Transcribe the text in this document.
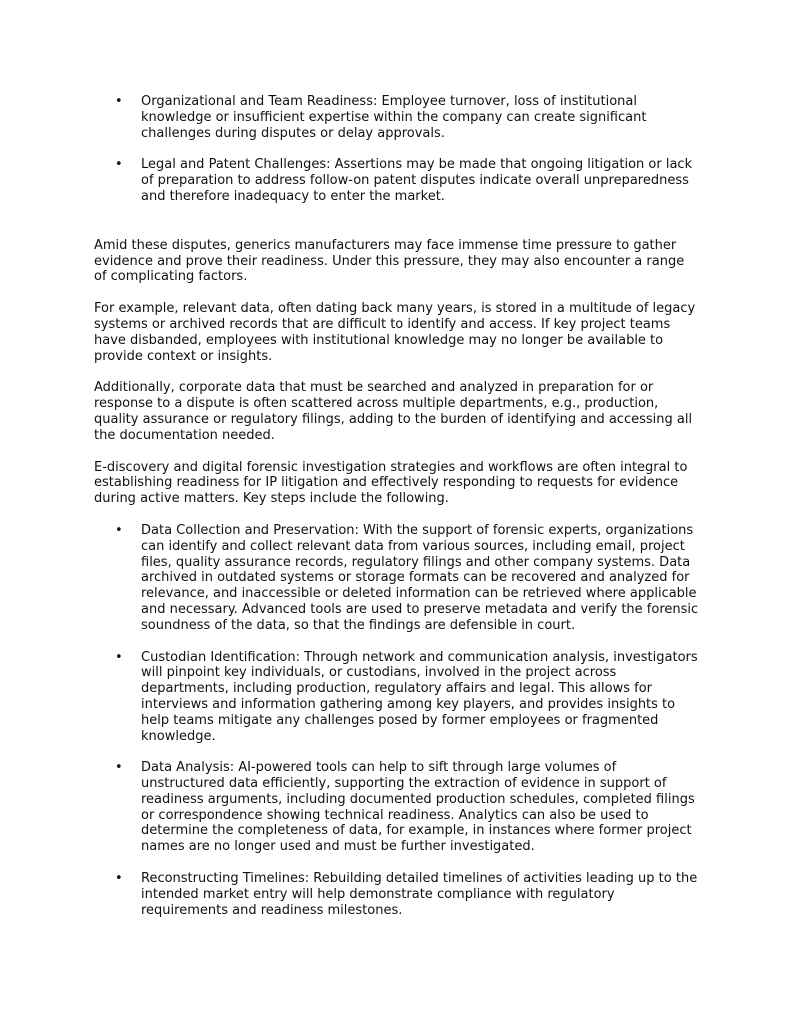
• Organizational and Team Readiness: Employee turnover, loss of institutional
knowledge or insufficient expertise within the company can create significant
challenges during disputes or delay approvals.
• Legal and Patent Challenges: Assertions may be made that ongoing litigation or lack
of preparation to address follow-on patent disputes indicate overall unpreparedness
and therefore inadequacy to enter the market.

Amid these disputes, generics manufacturers may face immense time pressure to gather
evidence and prove their readiness. Under this pressure, they may also encounter a range
of complicating factors.

For example, relevant data, often dating back many years, is stored in a multitude of legacy
systems or archived records that are difficult to identify and access. If key project teams
have disbanded, employees with institutional knowledge may no longer be available to
provide context or insights.

Additionally, corporate data that must be searched and analyzed in preparation for or
response to a dispute is often scattered across multiple departments, e.g., production,
quality assurance or regulatory filings, adding to the burden of identifying and accessing all
the documentation needed.

E-discovery and digital forensic investigation strategies and workflows are often integral to
establishing readiness for IP litigation and effectively responding to requests for evidence
during active matters. Key steps include the following.

• Data Collection and Preservation: With the support of forensic experts, organizations
can identify and collect relevant data from various sources, including email, project
files, quality assurance records, regulatory filings and other company systems. Data
archived in outdated systems or storage formats can be recovered and analyzed for
relevance, and inaccessible or deleted information can be retrieved where applicable
and necessary. Advanced tools are used to preserve metadata and verify the forensic
soundness of the data, so that the findings are defensible in court.
• Custodian Identification: Through network and communication analysis, investigators
will pinpoint key individuals, or custodians, involved in the project across
departments, including production, regulatory affairs and legal. This allows for
interviews and information gathering among key players, and provides insights to
help teams mitigate any challenges posed by former employees or fragmented
knowledge.
• Data Analysis: AI-powered tools can help to sift through large volumes of
unstructured data efficiently, supporting the extraction of evidence in support of
readiness arguments, including documented production schedules, completed filings
or correspondence showing technical readiness. Analytics can also be used to
determine the completeness of data, for example, in instances where former project
names are no longer used and must be further investigated.
• Reconstructing Timelines: Rebuilding detailed timelines of activities leading up to the
intended market entry will help demonstrate compliance with regulatory
requirements and readiness milestones.
